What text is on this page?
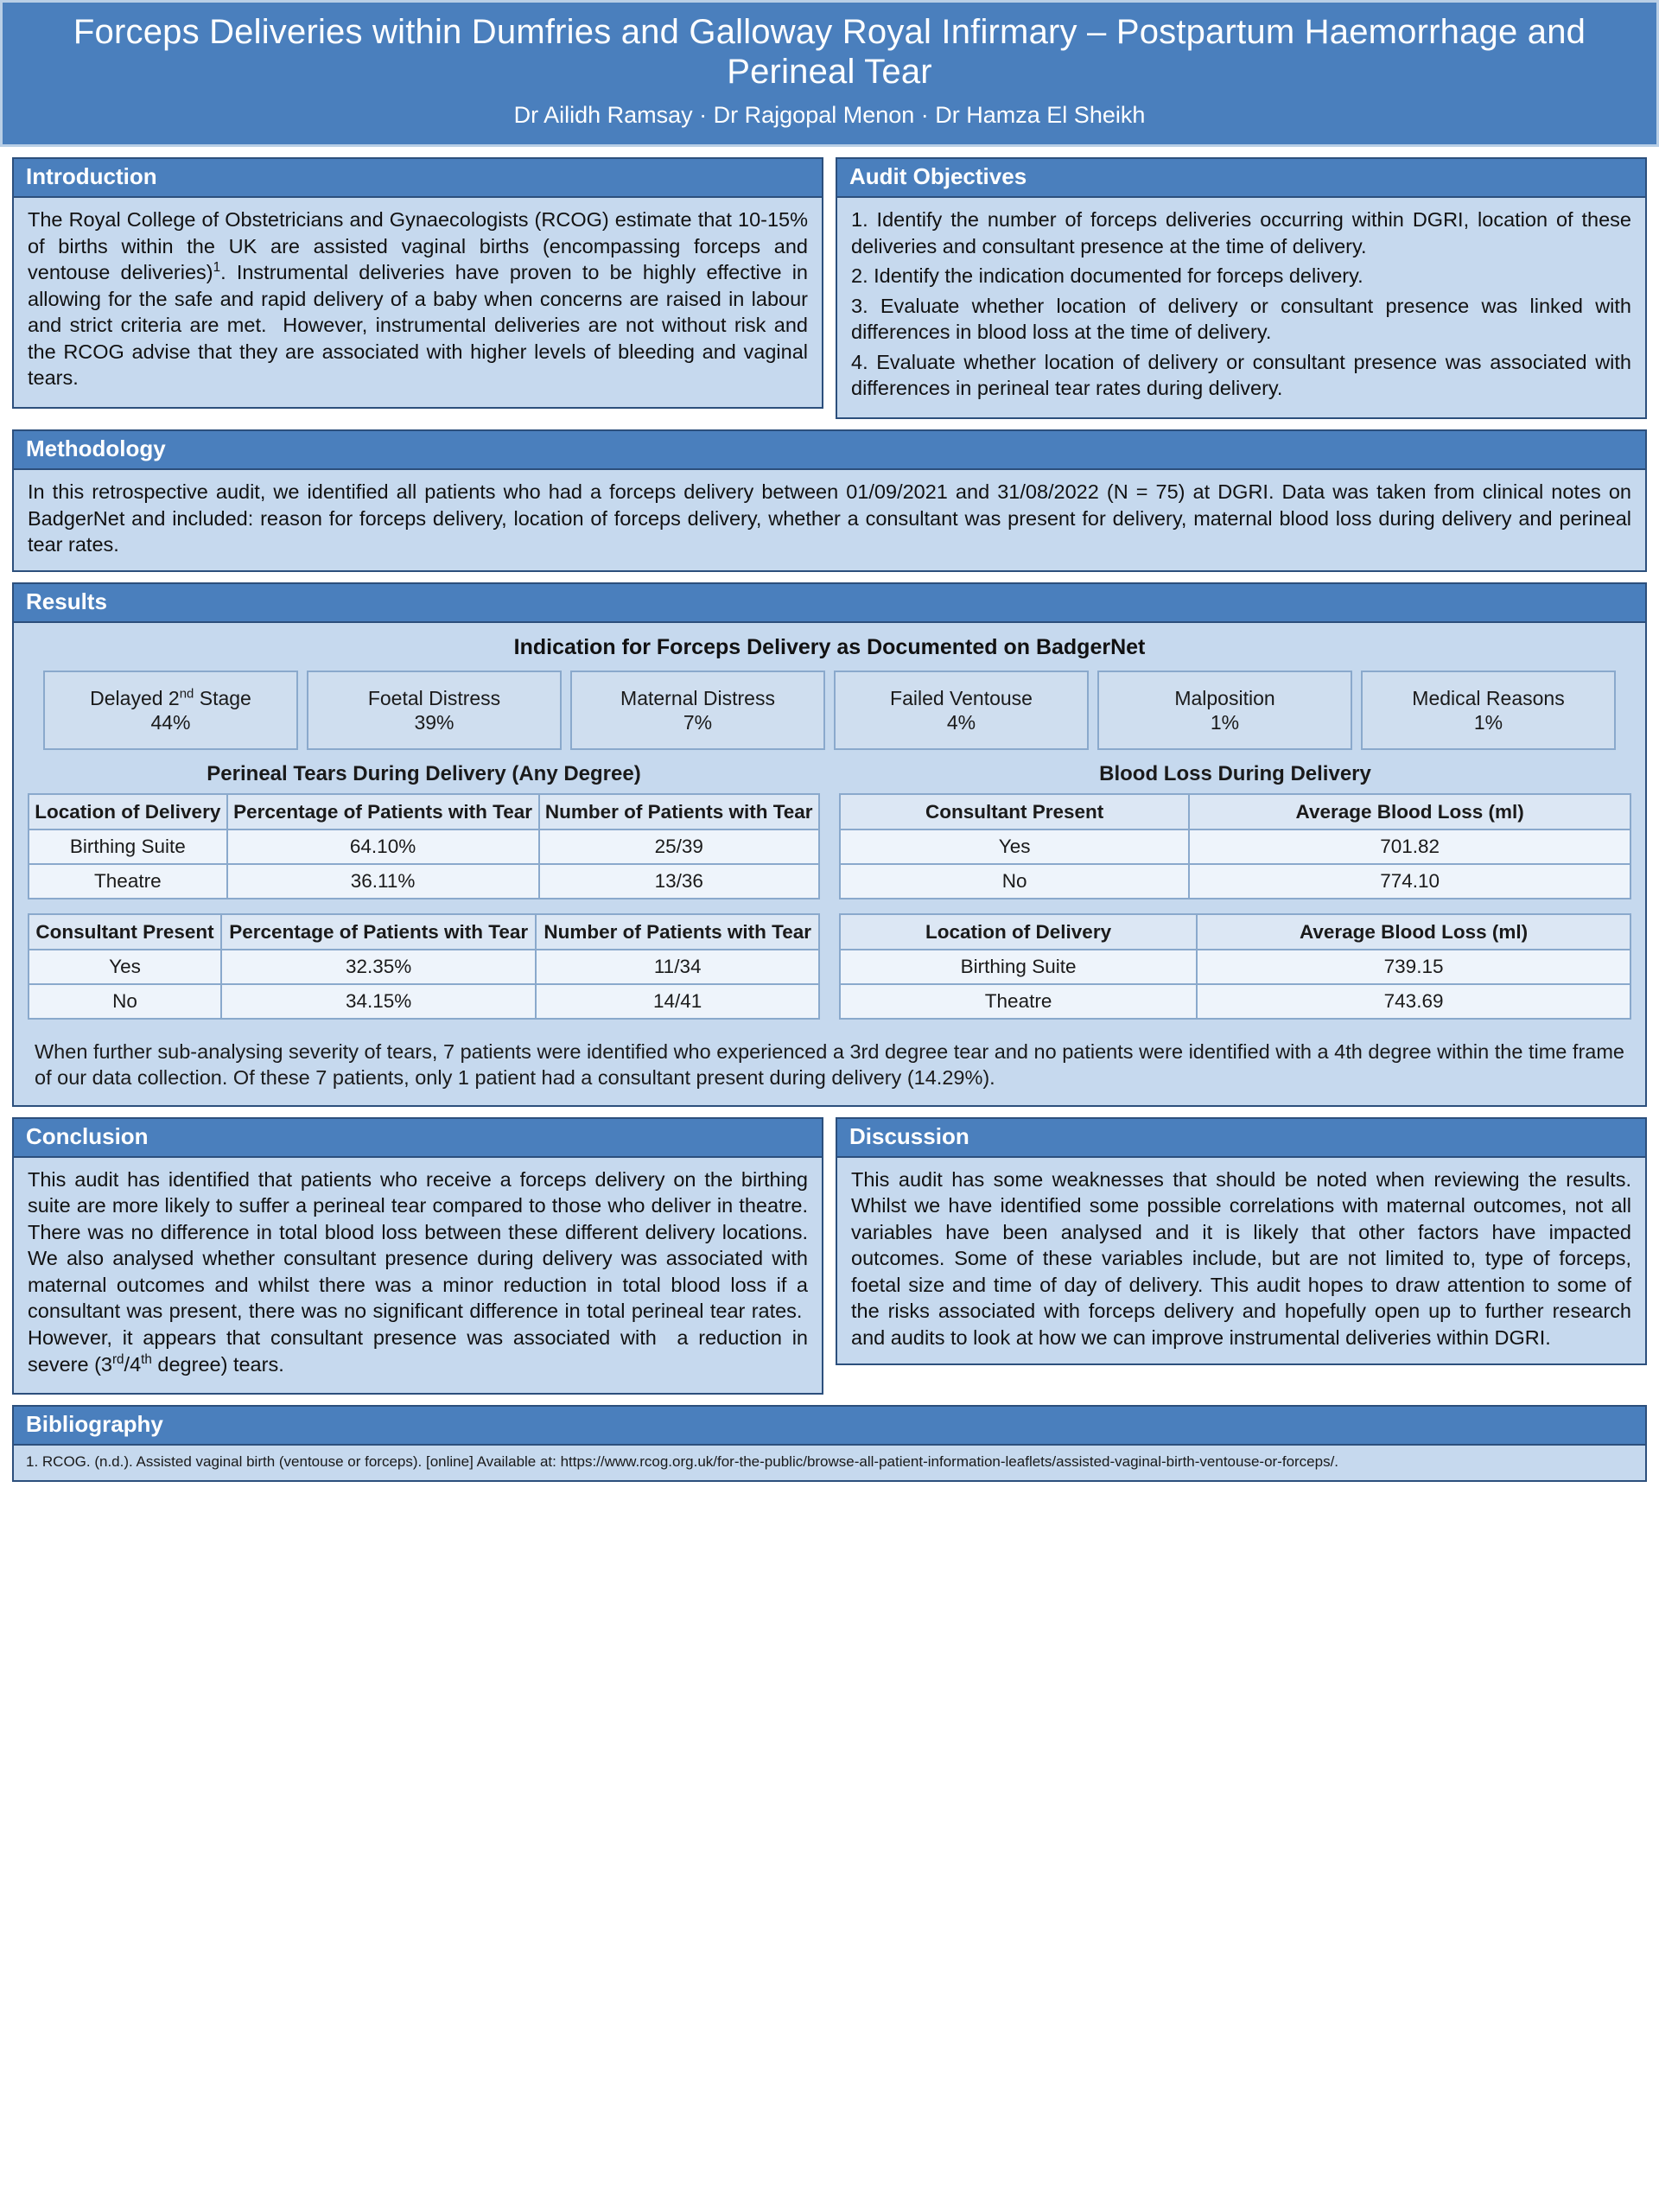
Forceps Deliveries within Dumfries and Galloway Royal Infirmary – Postpartum Haemorrhage and Perineal Tear
Dr Ailidh Ramsay · Dr Rajgopal Menon · Dr Hamza El Sheikh
Introduction

The Royal College of Obstetricians and Gynaecologists (RCOG) estimate that 10-15% of births within the UK are assisted vaginal births (encompassing forceps and ventouse deliveries)$^1$. Instrumental deliveries have proven to be highly effective in allowing for the safe and rapid delivery of a baby when concerns are raised in labour and strict criteria are met.  However, instrumental deliveries are not without risk and the RCOG advise that they are associated with higher levels of bleeding and vaginal tears.

Audit Objectives

1. Identify the number of forceps deliveries occurring within DGRI, location of these deliveries and consultant presence at the time of delivery.

2. Identify the indication documented for forceps delivery.

3. Evaluate whether location of delivery or consultant presence was linked with differences in blood loss at the time of delivery.

4. Evaluate whether location of delivery or consultant presence was associated with differences in perineal tear rates during delivery.

Methodology
In this retrospective audit, we identified all patients who had a forceps delivery between 01/09/2021 and 31/08/2022 (N = 75) at DGRI. Data was taken from clinical notes on BadgerNet and included: reason for forceps delivery, location of forceps delivery, whether a consultant was present for delivery, maternal blood loss during delivery and perineal tear rates.
Results
Indication for Forceps Delivery as Documented on BadgerNet
Delayed 2nd Stage
44%
Foetal Distress
39%
Maternal Distress
7%
Failed Ventouse
4%
Malposition
1%
Medical Reasons
1%
Perineal Tears During Delivery (Any Degree)
Location of Delivery	Percentage of Patients with Tear	Number of Patients with Tear
Birthing Suite	64.10%	25/39
Theatre	36.11%	13/36
Consultant Present	Percentage of Patients with Tear	Number of Patients with Tear
Yes	32.35%	11/34
No	34.15%	14/41
Blood Loss During Delivery
Consultant Present	Average Blood Loss (ml)
Yes	701.82
No	774.10
Location of Delivery	Average Blood Loss (ml)
Birthing Suite	739.15
Theatre	743.69
When further sub-analysing severity of tears, 7 patients were identified who experienced a 3rd degree tear and no patients were identified with a 4th degree within the time frame of our data collection. Of these 7 patients, only 1 patient had a consultant present during delivery (14.29%).
Conclusion

This audit has identified that patients who receive a forceps delivery on the birthing suite are more likely to suffer a perineal tear compared to those who deliver in theatre. There was no difference in total blood loss between these different delivery locations. We also analysed whether consultant presence during delivery was associated with maternal outcomes and whilst there was a minor reduction in total blood loss if a consultant was present, there was no significant difference in total perineal tear rates.  However, it appears that consultant presence was associated with  a reduction in severe (3rd/4th degree) tears.

Discussion
This audit has some weaknesses that should be noted when reviewing the results. Whilst we have identified some possible correlations with maternal outcomes, not all variables have been analysed and it is likely that other factors have impacted outcomes. Some of these variables include, but are not limited to, type of forceps, foetal size and time of day of delivery. This audit hopes to draw attention to some of the risks associated with forceps delivery and hopefully open up to further research and audits to look at how we can improve instrumental deliveries within DGRI.
Bibliography
1. RCOG. (n.d.). Assisted vaginal birth (ventouse or forceps). [online] Available at: https://www.rcog.org.uk/for-the-public/browse-all-patient-information-leaflets/assisted-vaginal-birth-ventouse-or-forceps/.
